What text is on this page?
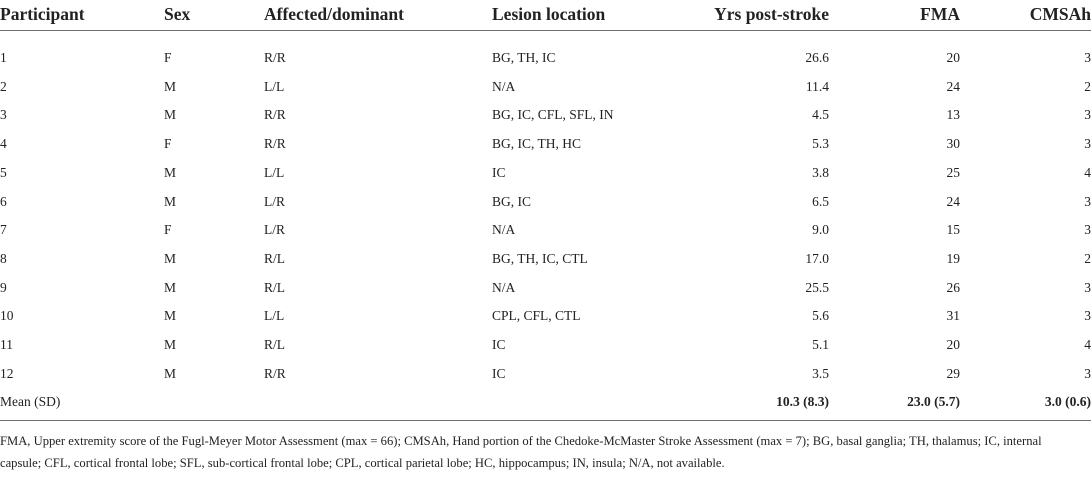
Participant	Sex	Affected/dominant	Lesion location	Yrs post-stroke	FMA	CMSAh

1	F	R/R	BG, TH, IC	26.6	20	3
2	M	L/L	N/A	11.4	24	2
3	M	R/R	BG, IC, CFL, SFL, IN	4.5	13	3
4	F	R/R	BG, IC, TH, HC	5.3	30	3
5	M	L/L	IC	3.8	25	4
6	M	L/R	BG, IC	6.5	24	3
7	F	L/R	N/A	9.0	15	3
8	M	R/L	BG, TH, IC, CTL	17.0	19	2
9	M	R/L	N/A	25.5	26	3
10	M	L/L	CPL, CFL, CTL	5.6	31	3
11	M	R/L	IC	5.1	20	4
12	M	R/R	IC	3.5	29	3
Mean (SD)				10.3 (8.3)	23.0 (5.7)	3.0 (0.6)
FMA, Upper extremity score of the Fugl-Meyer Motor Assessment (max = 66); CMSAh, Hand portion of the Chedoke-McMaster Stroke Assessment (max = 7); BG, basal ganglia; TH, thalamus; IC, internal capsule; CFL, cortical frontal lobe; SFL, sub-cortical frontal lobe; CPL, cortical parietal lobe; HC, hippocampus; IN, insula; N/A, not available.
